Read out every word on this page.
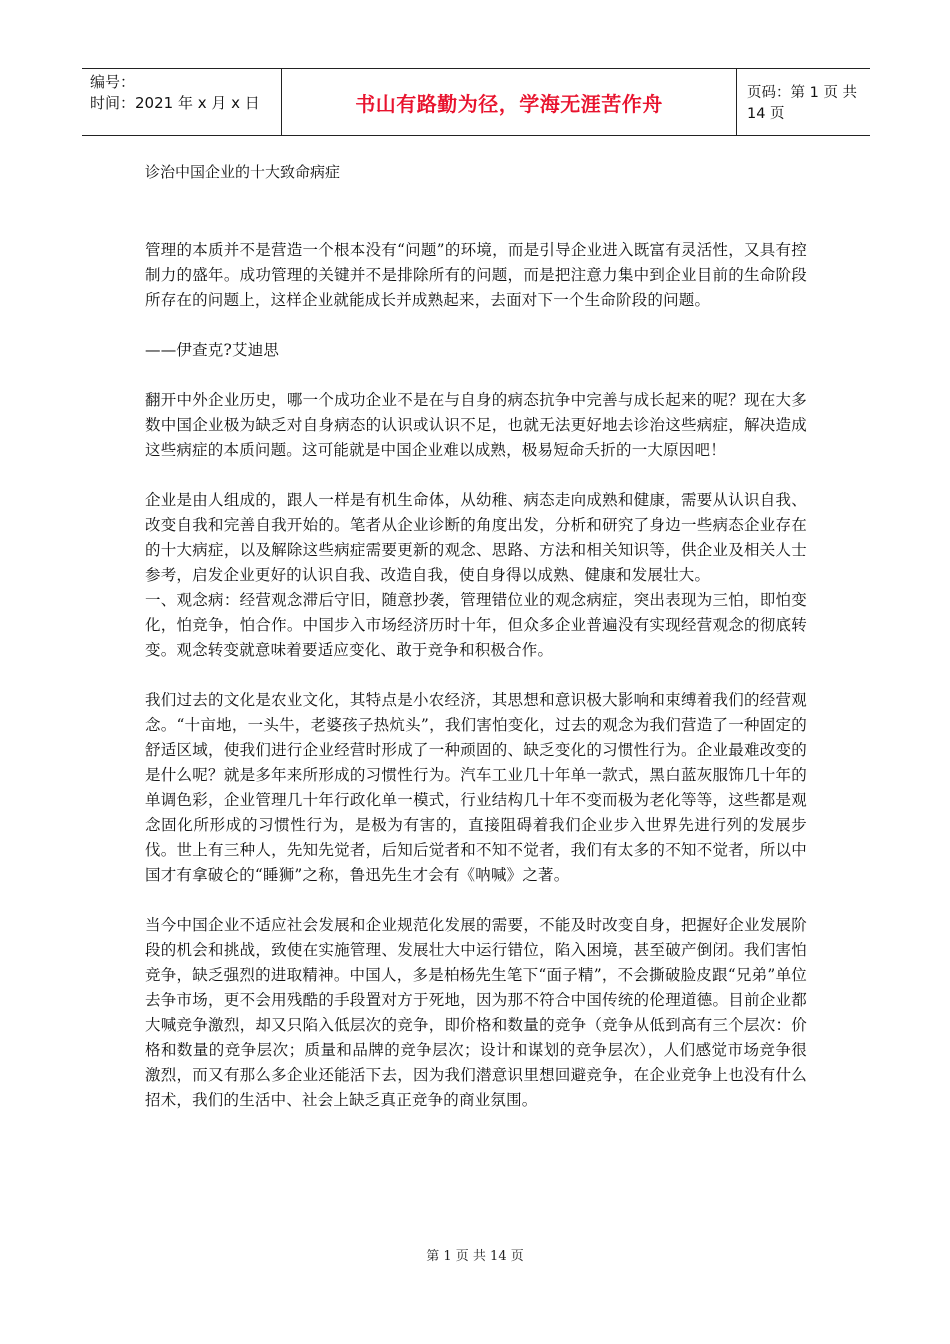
编号：
时间：2021 年 x 月 x 日	书山有路勤为径，学海无涯苦作舟	页码：第 1 页 共 14 页

诊治中国企业的十大致命病症

管理的本质并不是营造一个根本没有“问题”的环境，而是引导企业进入既富有灵活性，又具有控制力的盛年。成功管理的关键并不是排除所有的问题，而是把注意力集中到企业目前的生命阶段所存在的问题上，这样企业就能成长并成熟起来，去面对下一个生命阶段的问题。

——伊查克?艾迪思

翻开中外企业历史，哪一个成功企业不是在与自身的病态抗争中完善与成长起来的呢？现在大多数中国企业极为缺乏对自身病态的认识或认识不足，也就无法更好地去诊治这些病症，解决造成这些病症的本质问题。这可能就是中国企业难以成熟，极易短命夭折的一大原因吧！

企业是由人组成的，跟人一样是有机生命体，从幼稚、病态走向成熟和健康，需要从认识自我、改变自我和完善自我开始的。笔者从企业诊断的角度出发，分析和研究了身边一些病态企业存在的十大病症，以及解除这些病症需要更新的观念、思路、方法和相关知识等，供企业及相关人士参考，启发企业更好的认识自我、改造自我，使自身得以成熟、健康和发展壮大。

一、观念病：经营观念滞后守旧，随意抄袭，管理错位业的观念病症，突出表现为三怕，即怕变化，怕竞争，怕合作。中国步入市场经济历时十年，但众多企业普遍没有实现经营观念的彻底转变。观念转变就意味着要适应变化、敢于竞争和积极合作。

我们过去的文化是农业文化，其特点是小农经济，其思想和意识极大影响和束缚着我们的经营观念。“十亩地，一头牛，老婆孩子热炕头”，我们害怕变化，过去的观念为我们营造了一种固定的舒适区域，使我们进行企业经营时形成了一种顽固的、缺乏变化的习惯性行为。企业最难改变的是什么呢？就是多年来所形成的习惯性行为。汽车工业几十年单一款式，黑白蓝灰服饰几十年的单调色彩，企业管理几十年行政化单一模式，行业结构几十年不变而极为老化等等，这些都是观念固化所形成的习惯性行为，是极为有害的，直接阻碍着我们企业步入世界先进行列的发展步伐。世上有三种人，先知先觉者，后知后觉者和不知不觉者，我们有太多的不知不觉者，所以中国才有拿破仑的“睡狮”之称，鲁迅先生才会有《呐喊》之著。

当今中国企业不适应社会发展和企业规范化发展的需要，不能及时改变自身，把握好企业发展阶段的机会和挑战，致使在实施管理、发展壮大中运行错位，陷入困境，甚至破产倒闭。我们害怕竞争，缺乏强烈的进取精神。中国人，多是柏杨先生笔下“面子精”，不会撕破脸皮跟“兄弟”单位去争市场，更不会用残酷的手段置对方于死地，因为那不符合中国传统的伦理道德。目前企业都大喊竞争激烈，却又只陷入低层次的竞争，即价格和数量的竞争（竞争从低到高有三个层次：价格和数量的竞争层次；质量和品牌的竞争层次；设计和谋划的竞争层次），人们感觉市场竞争很激烈，而又有那么多企业还能活下去，因为我们潜意识里想回避竞争，在企业竞争上也没有什么招术，我们的生活中、社会上缺乏真正竞争的商业氛围。

第 1 页 共 14 页
